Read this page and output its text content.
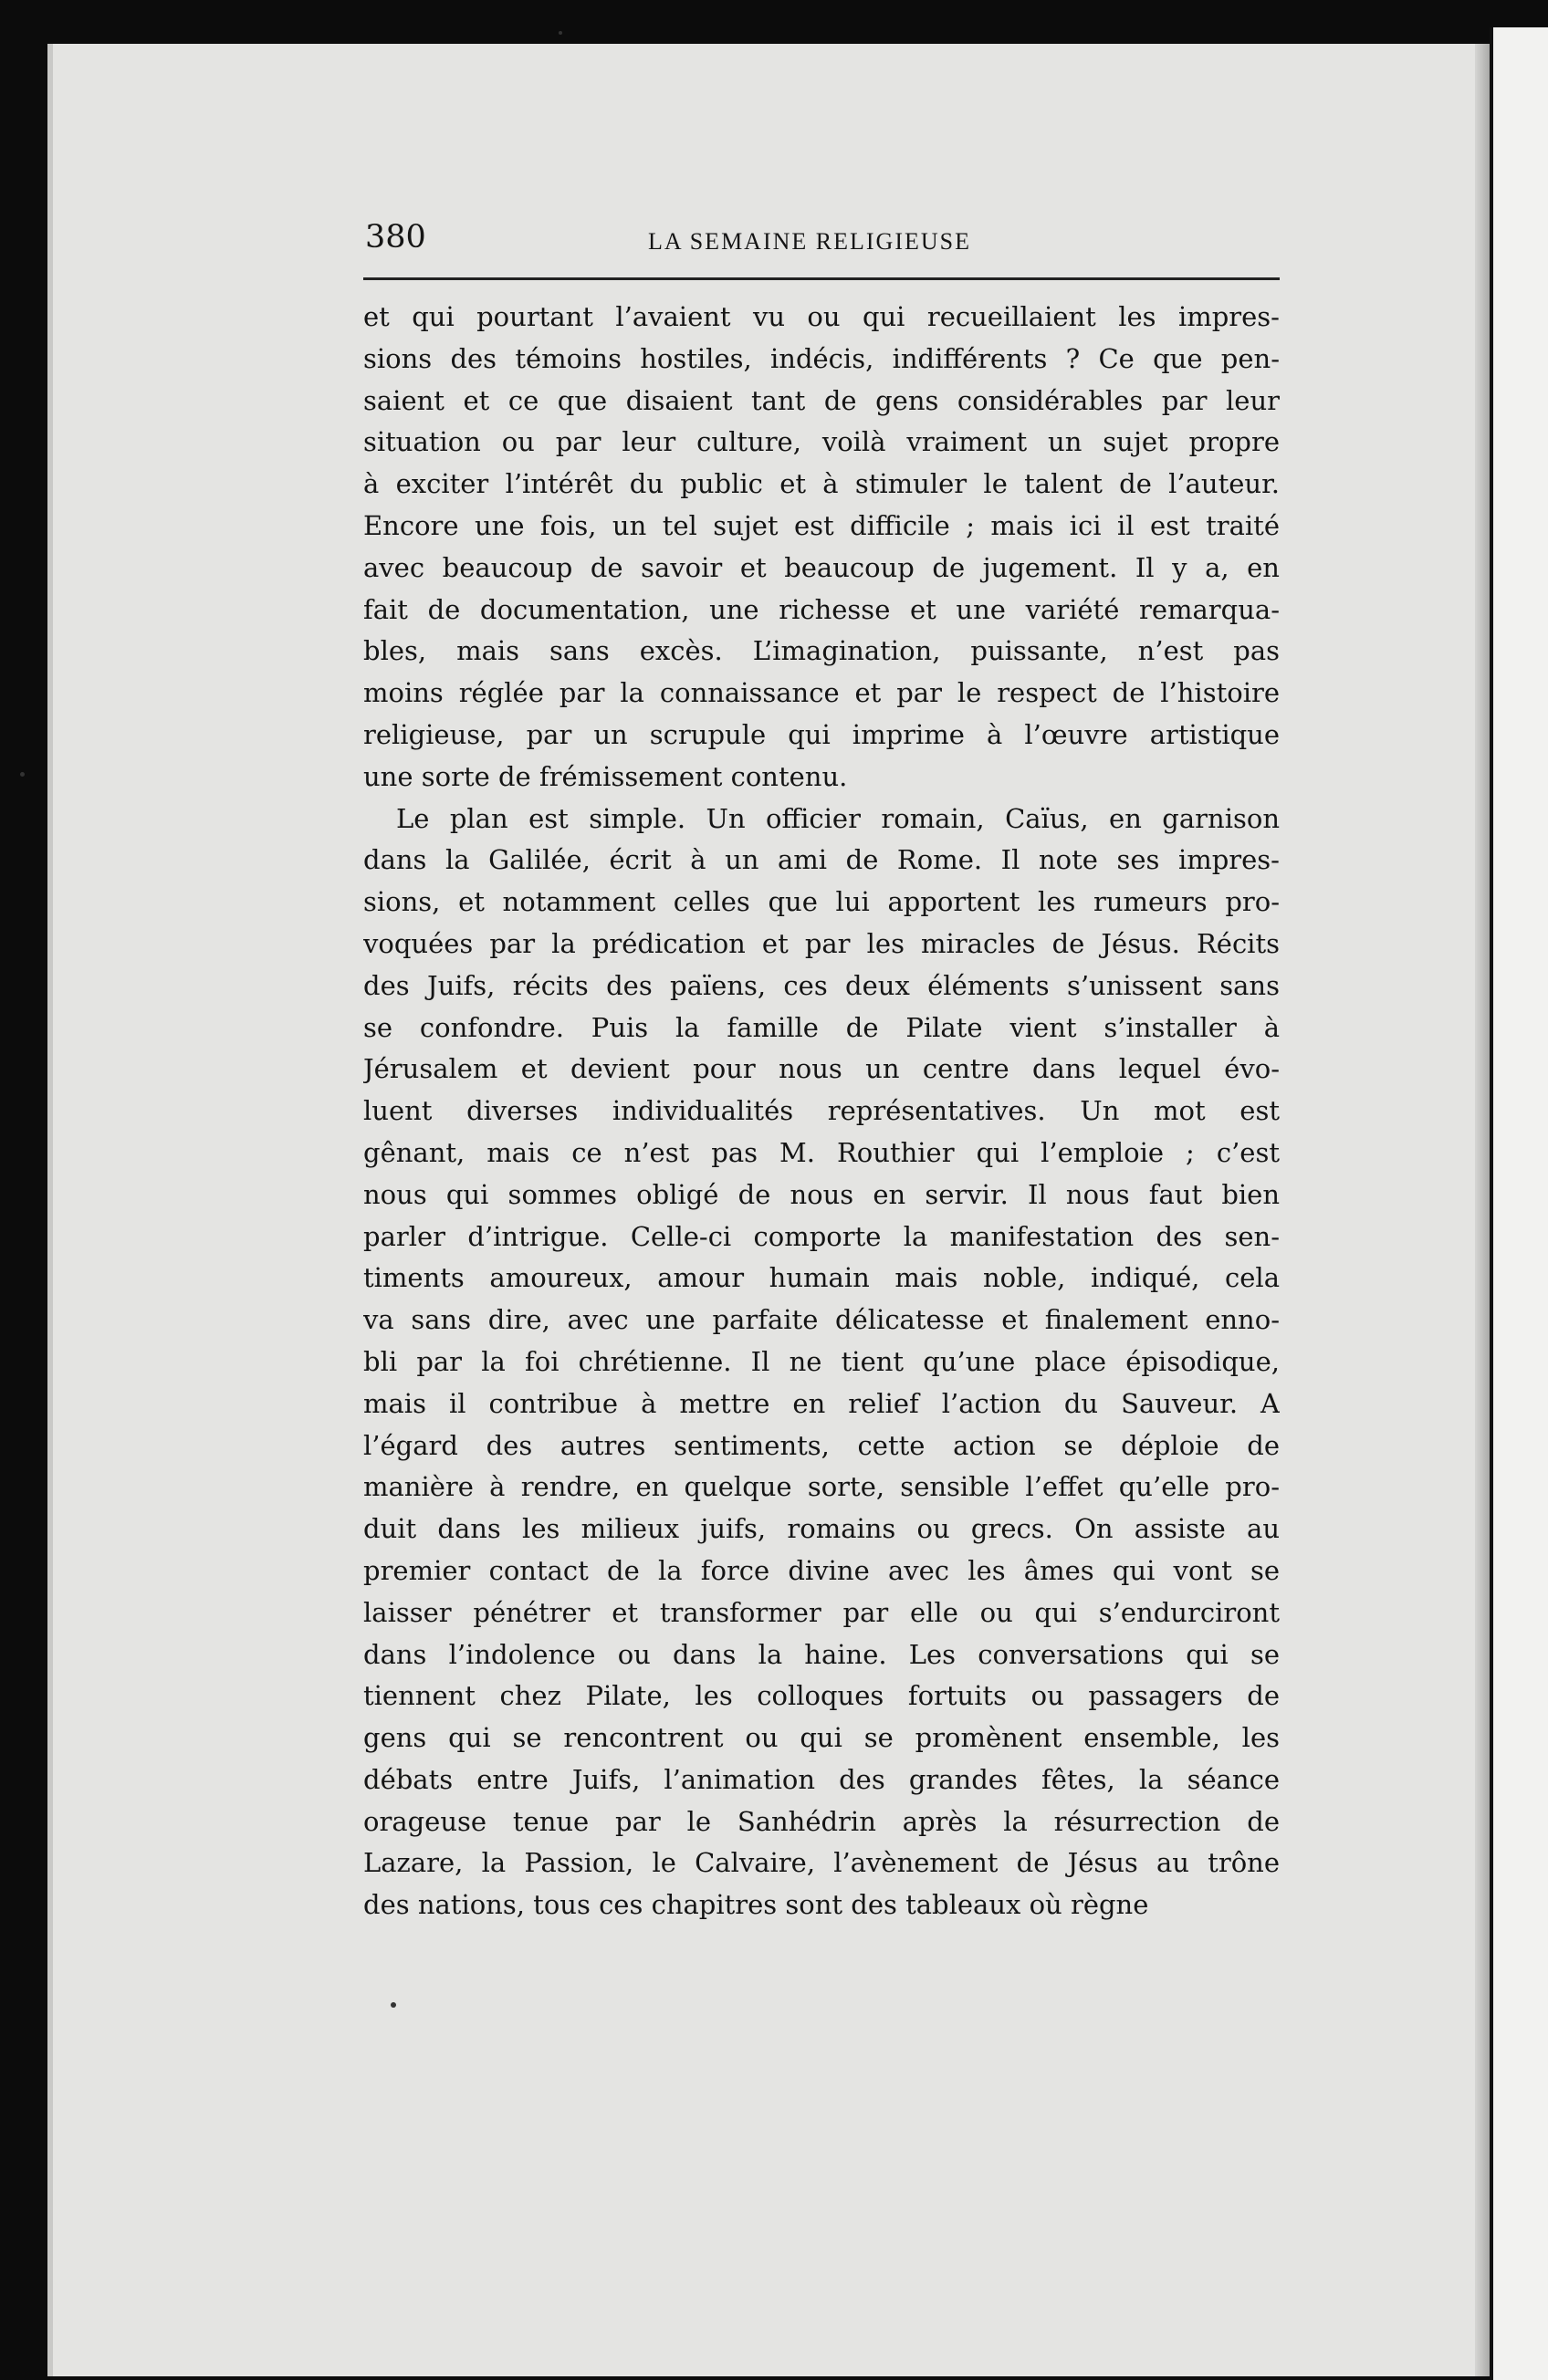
380	LA SEMAINE RELIGIEUSE
et qui pourtant l’avaient vu ou qui recueillaient les impres-
sions des témoins hostiles, indécis, indifférents ? Ce que pen-
saient et ce que disaient tant de gens considérables par leur
situation ou par leur culture, voilà vraiment un sujet propre
à exciter l’intérêt du public et à stimuler le talent de l’auteur.
Encore une fois, un tel sujet est difficile ; mais ici il est traité
avec beaucoup de savoir et beaucoup de jugement. Il y a, en
fait de documentation, une richesse et une variété remarqua-
bles, mais sans excès. L’imagination, puissante, n’est pas
moins réglée par la connaissance et par le respect de l’histoire
religieuse, par un scrupule qui imprime à l’œuvre artistique
une sorte de frémissement contenu.
Le plan est simple. Un officier romain, Caïus, en garnison
dans la Galilée, écrit à un ami de Rome. Il note ses impres-
sions, et notamment celles que lui apportent les rumeurs pro-
voquées par la prédication et par les miracles de Jésus. Récits
des Juifs, récits des païens, ces deux éléments s’unissent sans
se confondre. Puis la famille de Pilate vient s’installer à
Jérusalem et devient pour nous un centre dans lequel évo-
luent diverses individualités représentatives. Un mot est
gênant, mais ce n’est pas M. Routhier qui l’emploie ; c’est
nous qui sommes obligé de nous en servir. Il nous faut bien
parler d’intrigue. Celle-ci comporte la manifestation des sen-
timents amoureux, amour humain mais noble, indiqué, cela
va sans dire, avec une parfaite délicatesse et finalement enno-
bli par la foi chrétienne. Il ne tient qu’une place épisodique,
mais il contribue à mettre en relief l’action du Sauveur. A
l’égard des autres sentiments, cette action se déploie de
manière à rendre, en quelque sorte, sensible l’effet qu’elle pro-
duit dans les milieux juifs, romains ou grecs. On assiste au
premier contact de la force divine avec les âmes qui vont se
laisser pénétrer et transformer par elle ou qui s’endurciront
dans l’indolence ou dans la haine. Les conversations qui se
tiennent chez Pilate, les colloques fortuits ou passagers de
gens qui se rencontrent ou qui se promènent ensemble, les
débats entre Juifs, l’animation des grandes fêtes, la séance
orageuse tenue par le Sanhédrin après la résurrection de
Lazare, la Passion, le Calvaire, l’avènement de Jésus au trône
des nations, tous ces chapitres sont des tableaux où règne
